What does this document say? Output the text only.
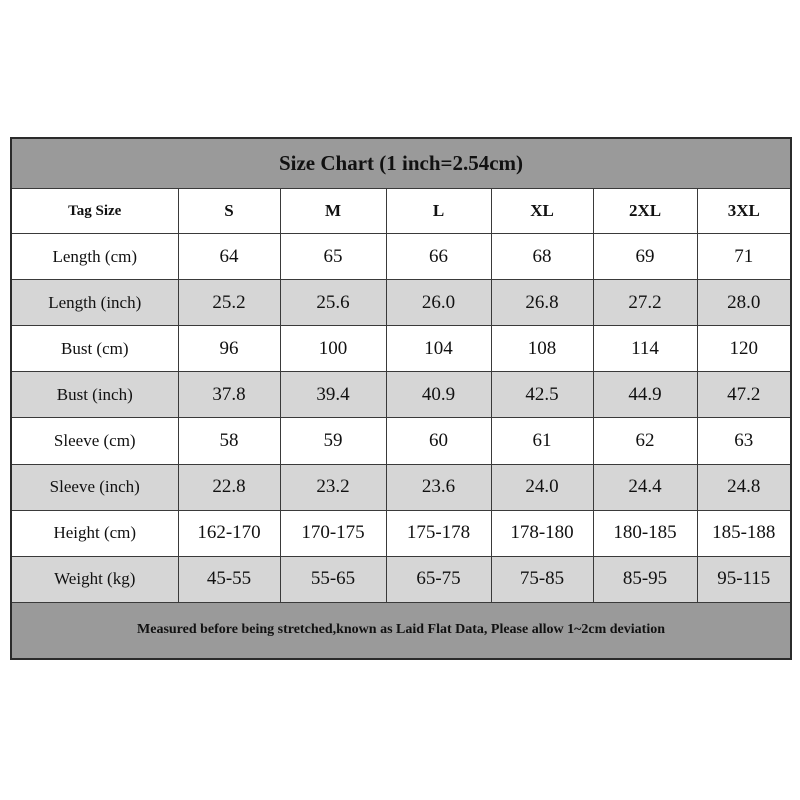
Size Chart (1 inch=2.54cm)						
Tag Size	S	M	L	XL	2XL	3XL
Length (cm)	64	65	66	68	69	71
Length (inch)	25.2	25.6	26.0	26.8	27.2	28.0
Bust (cm)	96	100	104	108	114	120
Bust (inch)	37.8	39.4	40.9	42.5	44.9	47.2
Sleeve (cm)	58	59	60	61	62	63
Sleeve (inch)	22.8	23.2	23.6	24.0	24.4	24.8
Height (cm)	162-170	170-175	175-178	178-180	180-185	185-188
Weight (kg)	45-55	55-65	65-75	75-85	85-95	95-115
Measured before being stretched,known as Laid Flat Data, Please allow 1~2cm deviation						
